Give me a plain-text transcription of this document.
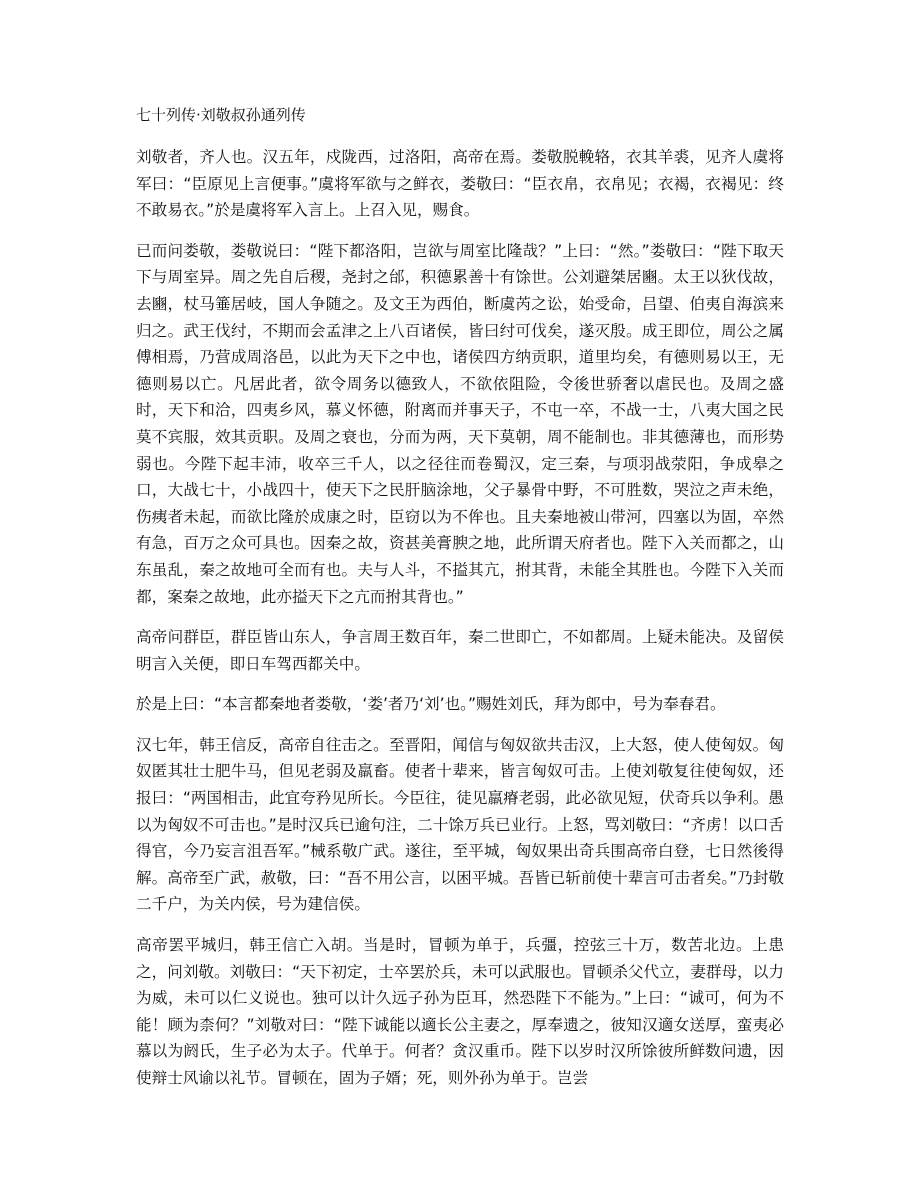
七十列传·刘敬叔孙通列传

刘敬者，齐人也。汉五年，戍陇西，过洛阳，高帝在焉。娄敬脱輓辂，衣其羊裘，见齐人虞将军曰：“臣原见上言便事。”虞将军欲与之鲜衣，娄敬曰：“臣衣帛，衣帛见；衣褐，衣褐见：终不敢易衣。”於是虞将军入言上。上召入见，赐食。

已而问娄敬，娄敬说曰：“陛下都洛阳，岂欲与周室比隆哉？”上曰：“然。”娄敬曰：“陛下取天下与周室异。周之先自后稷，尧封之邰，积德累善十有馀世。公刘避桀居豳。太王以狄伐故，去豳，杖马箠居岐，国人争随之。及文王为西伯，断虞芮之讼，始受命，吕望、伯夷自海滨来归之。武王伐纣，不期而会孟津之上八百诸侯，皆曰纣可伐矣，遂灭殷。成王即位，周公之属傅相焉，乃营成周洛邑，以此为天下之中也，诸侯四方纳贡职，道里均矣，有德则易以王，无德则易以亡。凡居此者，欲令周务以德致人，不欲依阻险，令後世骄奢以虐民也。及周之盛时，天下和洽，四夷乡风，慕义怀德，附离而并事天子，不屯一卒，不战一士，八夷大国之民莫不宾服，效其贡职。及周之衰也，分而为两，天下莫朝，周不能制也。非其德薄也，而形势弱也。今陛下起丰沛，收卒三千人，以之径往而卷蜀汉，定三秦，与项羽战荥阳，争成皋之口，大战七十，小战四十，使天下之民肝脑涂地，父子暴骨中野，不可胜数，哭泣之声未绝，伤痍者未起，而欲比隆於成康之时，臣窃以为不侔也。且夫秦地被山带河，四塞以为固，卒然有急，百万之众可具也。因秦之故，资甚美膏腴之地，此所谓天府者也。陛下入关而都之，山东虽乱，秦之故地可全而有也。夫与人斗，不搤其亢，拊其背，未能全其胜也。今陛下入关而都，案秦之故地，此亦搤天下之亢而拊其背也。”

高帝问群臣，群臣皆山东人，争言周王数百年，秦二世即亡，不如都周。上疑未能决。及留侯明言入关便，即日车驾西都关中。

於是上曰：“本言都秦地者娄敬，‘娄’者乃‘刘’也。”赐姓刘氏，拜为郎中，号为奉春君。

汉七年，韩王信反，高帝自往击之。至晋阳，闻信与匈奴欲共击汉，上大怒，使人使匈奴。匈奴匿其壮士肥牛马，但见老弱及羸畜。使者十辈来，皆言匈奴可击。上使刘敬复往使匈奴，还报曰：“两国相击，此宜夸矜见所长。今臣往，徒见羸瘠老弱，此必欲见短，伏奇兵以争利。愚以为匈奴不可击也。”是时汉兵已逾句注，二十馀万兵已业行。上怒，骂刘敬曰：“齐虏！以口舌得官，今乃妄言沮吾军。”械系敬广武。遂往，至平城，匈奴果出奇兵围高帝白登，七日然後得解。高帝至广武，赦敬，曰：“吾不用公言，以困平城。吾皆已斩前使十辈言可击者矣。”乃封敬二千户，为关内侯，号为建信侯。

高帝罢平城归，韩王信亡入胡。当是时，冒顿为单于，兵彊，控弦三十万，数苦北边。上患之，问刘敬。刘敬曰：“天下初定，士卒罢於兵，未可以武服也。冒顿杀父代立，妻群母，以力为威，未可以仁义说也。独可以计久远子孙为臣耳，然恐陛下不能为。”上曰：“诚可，何为不能！顾为柰何？”刘敬对曰：“陛下诚能以適长公主妻之，厚奉遗之，彼知汉適女送厚，蛮夷必慕以为阏氏，生子必为太子。代单于。何者？贪汉重币。陛下以岁时汉所馀彼所鲜数问遗，因使辩士风谕以礼节。冒顿在，固为子婿；死，则外孙为单于。岂尝
